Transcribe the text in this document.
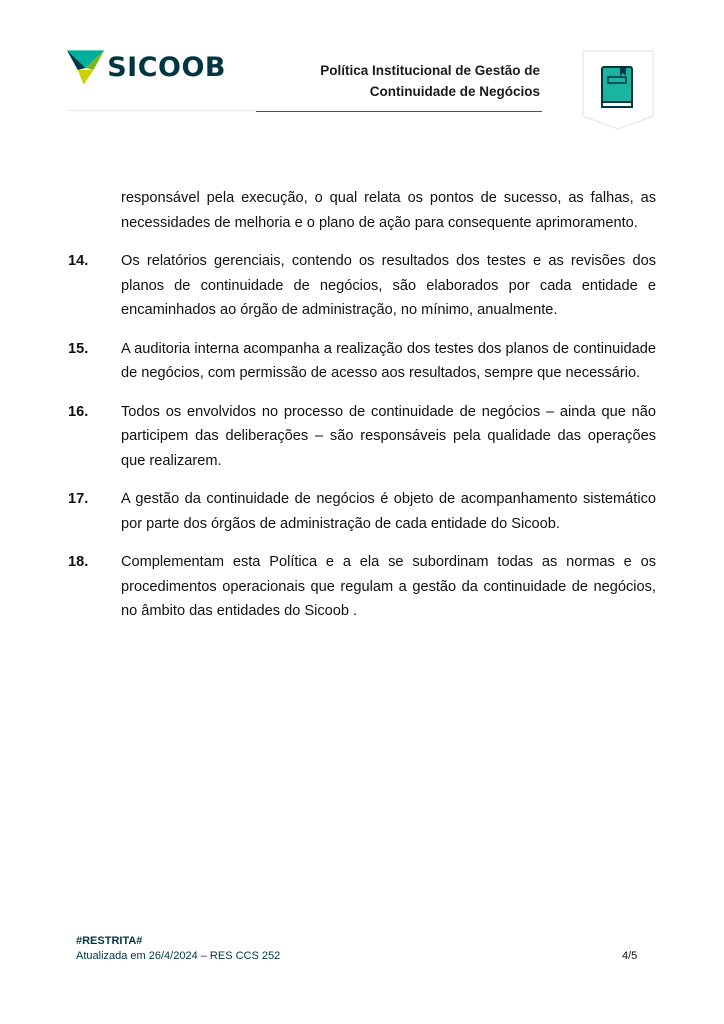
SICOOB	Política Institucional de Gestão de
Continuidade de Negócios

responsável pela execução, o qual relata os pontos de sucesso, as falhas, as necessidades de melhoria e o plano de ação para consequente aprimoramento.

14.	Os relatórios gerenciais, contendo os resultados dos testes e as revisões dos planos de continuidade de negócios, são elaborados por cada entidade e encaminhados ao órgão de administração, no mínimo, anualmente.
15.	A auditoria interna acompanha a realização dos testes dos planos de continuidade de negócios, com permissão de acesso aos resultados, sempre que necessário.
16.	Todos os envolvidos no processo de continuidade de negócios – ainda que não participem das deliberações – são responsáveis pela qualidade das operações que realizarem.
17.	A gestão da continuidade de negócios é objeto de acompanhamento sistemático por parte dos órgãos de administração de cada entidade do Sicoob.
18.	Complementam esta Política e a ela se subordinam todas as normas e os procedimentos operacionais que regulam a gestão da continuidade de negócios, no âmbito das entidades do Sicoob .
#RESTRITA#
Atualizada em 26/4/2024 – RES CCS 252	4/5
